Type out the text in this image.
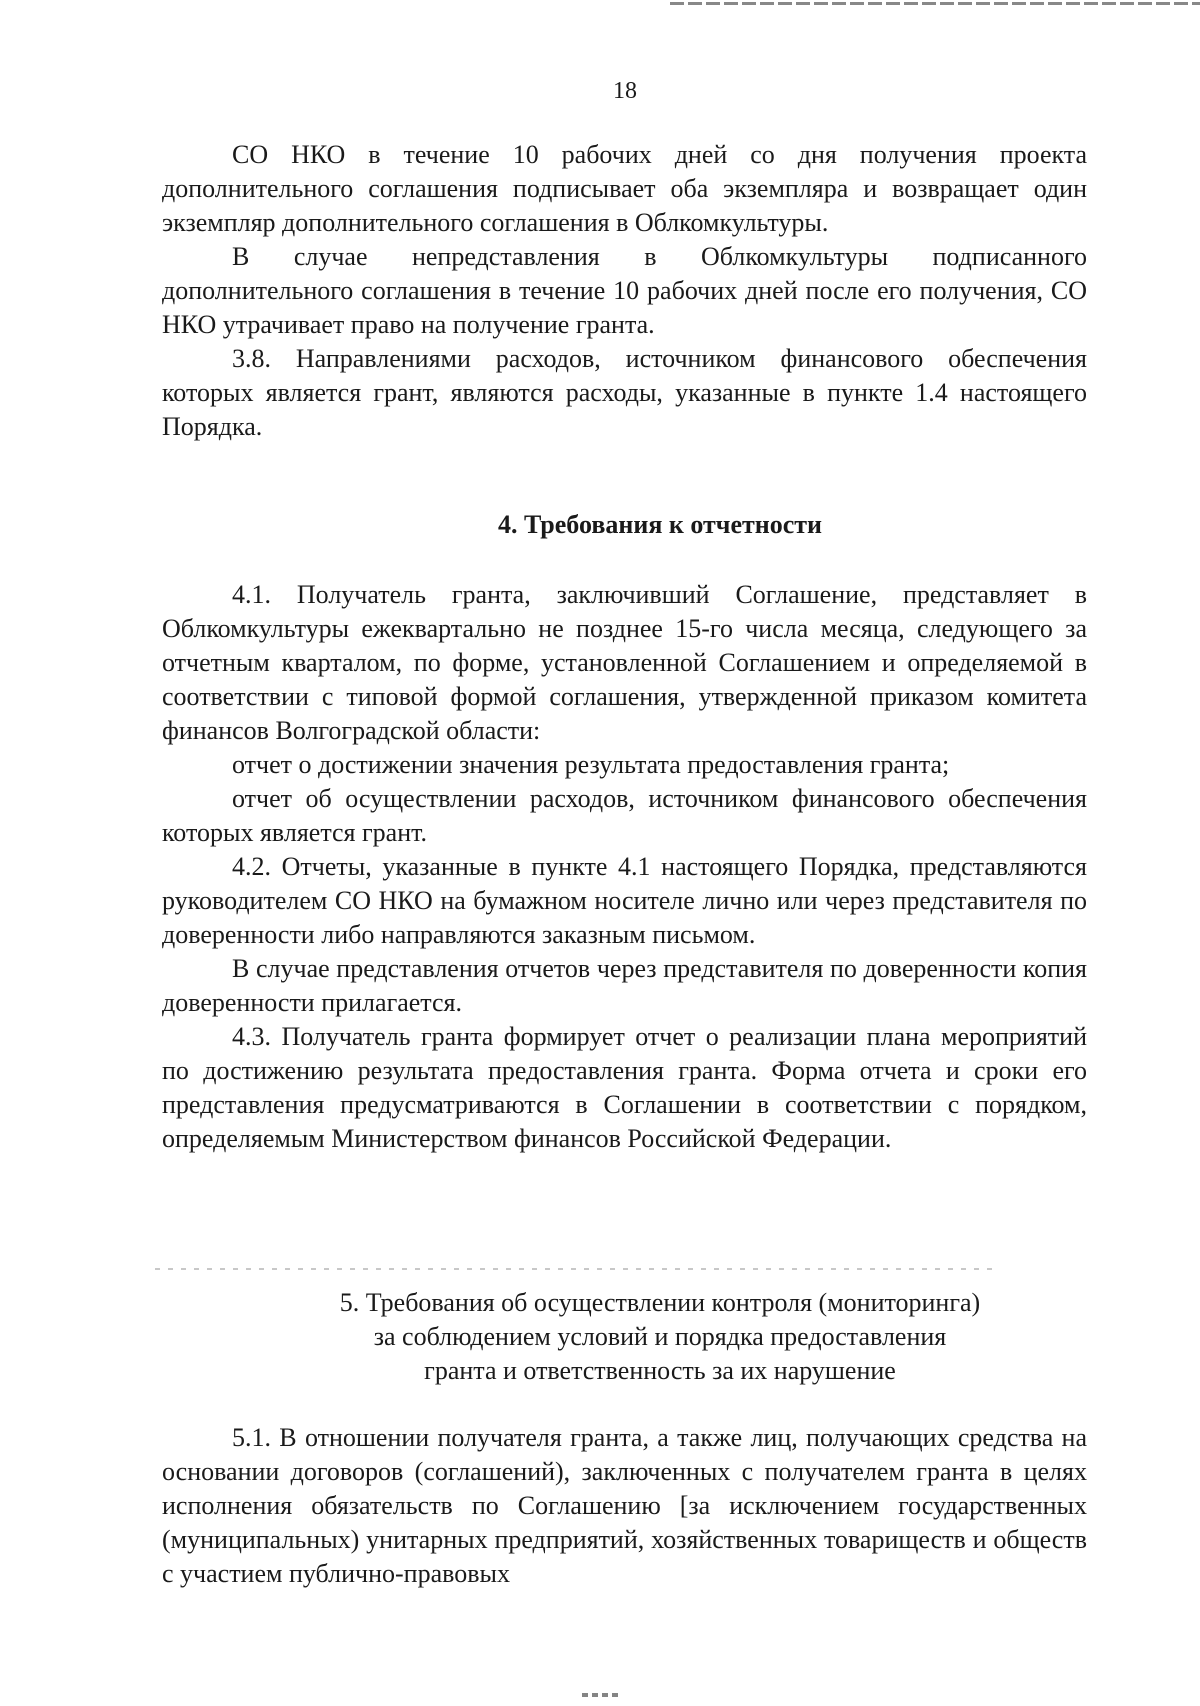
18

СО НКО в течение 10 рабочих дней со дня получения проекта дополнительного соглашения подписывает оба экземпляра и возвращает один экземпляр дополнительного соглашения в Облкомкультуры.

В случае непредставления в Облкомкультуры подписанного дополнительного соглашения в течение 10 рабочих дней после его получения, СО НКО утрачивает право на получение гранта.

3.8. Направлениями расходов, источником финансового обеспечения которых является грант, являются расходы, указанные в пункте 1.4 настоящего Порядка.

4. Требования к отчетности

4.1. Получатель гранта, заключивший Соглашение, представляет в Облкомкультуры ежеквартально не позднее 15-го числа месяца, следующего за отчетным кварталом, по форме, установленной Соглашением и определяемой в соответствии с типовой формой соглашения, утвержденной приказом комитета финансов Волгоградской области:

отчет о достижении значения результата предоставления гранта;

отчет об осуществлении расходов, источником финансового обеспечения которых является грант.

4.2. Отчеты, указанные в пункте 4.1 настоящего Порядка, представляются руководителем СО НКО на бумажном носителе лично или через представителя по доверенности либо направляются заказным письмом.

В случае представления отчетов через представителя по доверенности копия доверенности прилагается.

4.3. Получатель гранта формирует отчет о реализации плана мероприятий по достижению результата предоставления гранта. Форма отчета и сроки его представления предусматриваются в Соглашении в соответствии с порядком, определяемым Министерством финансов Российской Федерации.

5. Требования об осуществлении контроля (мониторинга)
за соблюдением условий и порядка предоставления
гранта и ответственность за их нарушение

5.1. В отношении получателя гранта, а также лиц, получающих средства на основании договоров (соглашений), заключенных с получателем гранта в целях исполнения обязательств по Соглашению [за исключением государственных (муниципальных) унитарных предприятий, хозяйственных товариществ и обществ с участием публично-правовых
